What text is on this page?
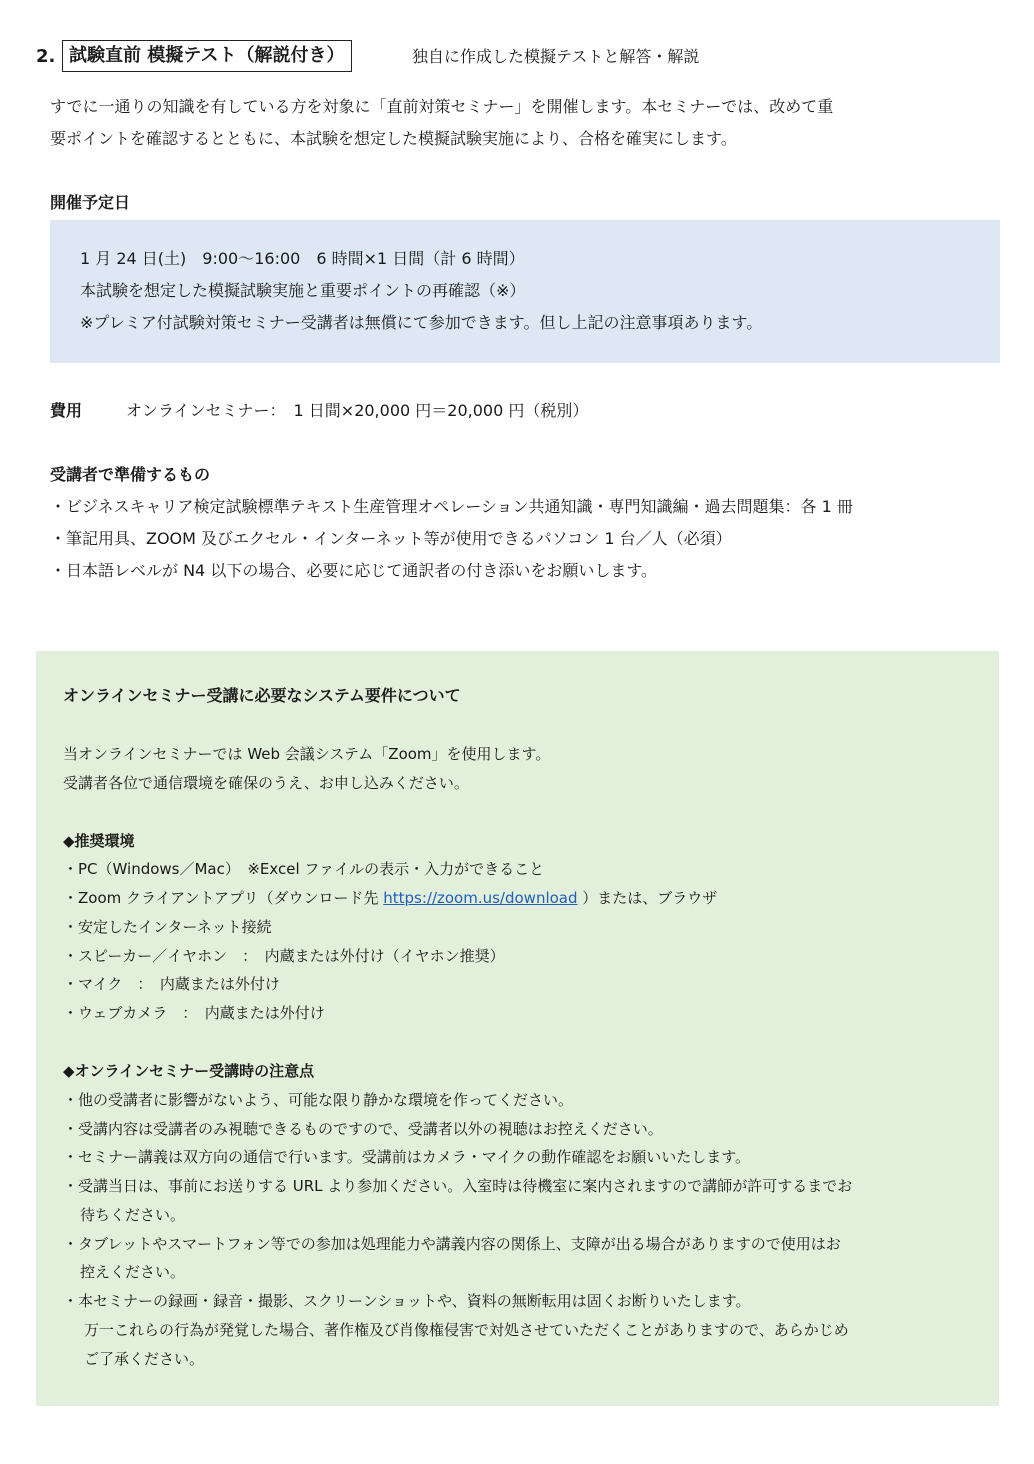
2. 試験直前 模擬テスト（解説付き）	独自に作成した模擬テストと解答・解説
すでに一通りの知識を有している方を対象に「直前対策セミナー」を開催します。本セミナーでは、改めて重
要ポイントを確認するとともに、本試験を想定した模擬試験実施により、合格を確実にします。
開催予定日
1 月 24 日(土)　9:00〜16:00　6 時間×1 日間（計 6 時間）
本試験を想定した模擬試験実施と重要ポイントの再確認（※）
※プレミア付試験対策セミナー受講者は無償にて参加できます。但し上記の注意事項あります。
費用	オンラインセミナー：　1 日間×20,000 円＝20,000 円（税別）
受講者で準備するもの
・ビジネスキャリア検定試験標準テキスト生産管理オペレーション共通知識・専門知識編・過去問題集：各 1 冊
・筆記用具、ZOOM 及びエクセル・インターネット等が使用できるパソコン 1 台／人（必須）
・日本語レベルが N4 以下の場合、必要に応じて通訳者の付き添いをお願いします。
オンラインセミナー受講に必要なシステム要件について
当オンラインセミナーでは Web 会議システム「Zoom」を使用します。
受講者各位で通信環境を確保のうえ、お申し込みください。
◆推奨環境
・PC（Windows／Mac）　※Excel ファイルの表示・入力ができること
・Zoom クライアントアプリ（ダウンロード先 https://zoom.us/download ）または、ブラウザ
・安定したインターネット接続
・スピーカー／イヤホン　：　内蔵または外付け（イヤホン推奨）
・マイク　：　内蔵または外付け
・ウェブカメラ　：　内蔵または外付け
◆オンラインセミナー受講時の注意点
・他の受講者に影響がないよう、可能な限り静かな環境を作ってください。
・受講内容は受講者のみ視聴できるものですので、受講者以外の視聴はお控えください。
・セミナー講義は双方向の通信で行います。受講前はカメラ・マイクの動作確認をお願いいたします。
・受講当日は、事前にお送りする URL より参加ください。入室時は待機室に案内されますので講師が許可するまでお
待ちください。
・タブレットやスマートフォン等での参加は処理能力や講義内容の関係上、支障が出る場合がありますので使用はお
控えください。
・本セミナーの録画・録音・撮影、スクリーンショットや、資料の無断転用は固くお断りいたします。
万一これらの行為が発覚した場合、著作権及び肖像権侵害で対処させていただくことがありますので、あらかじめ
ご了承ください。
